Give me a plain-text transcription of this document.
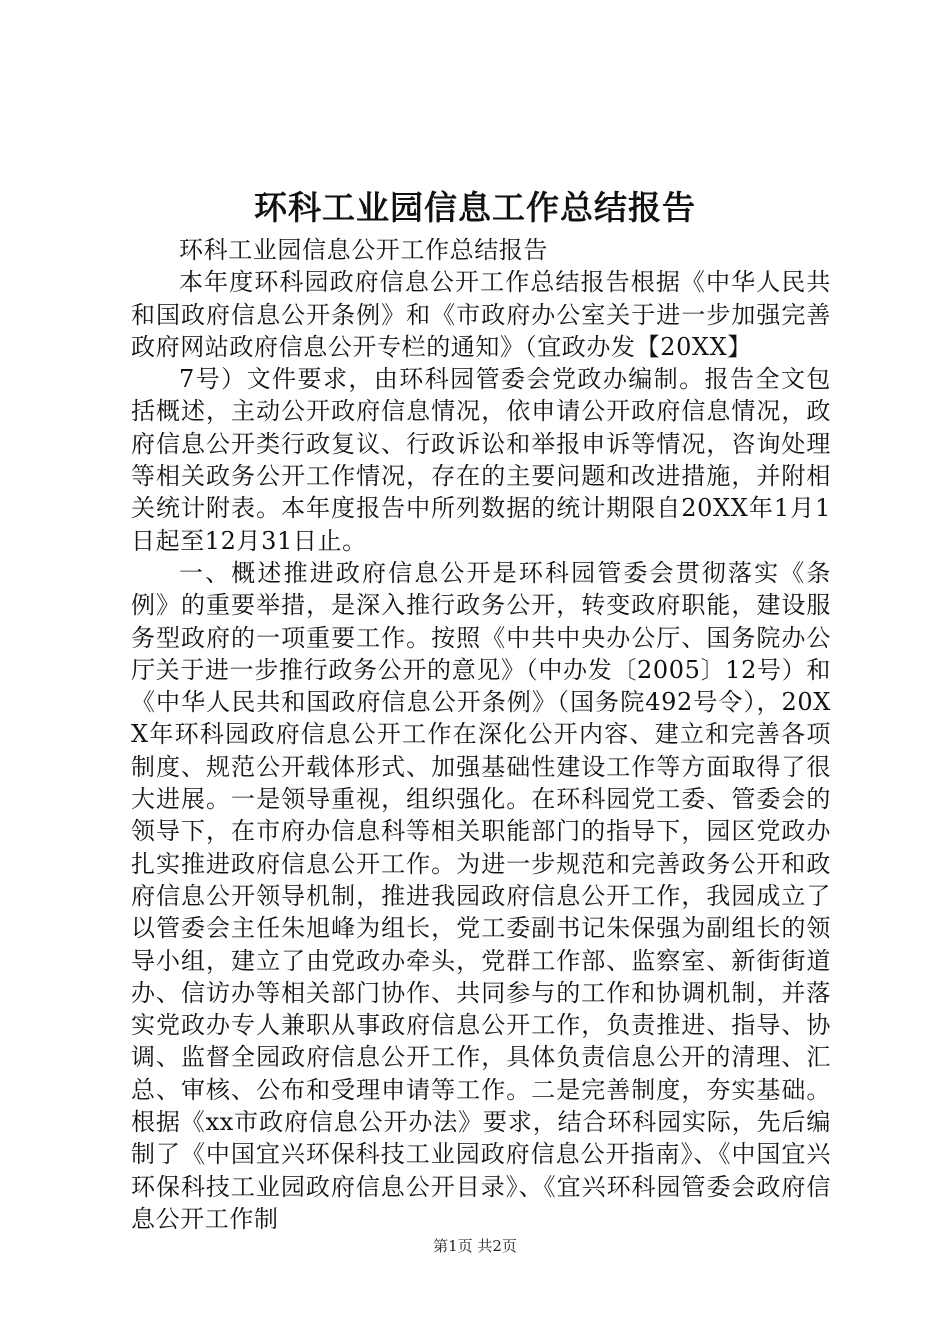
环科工业园信息工作总结报告

环科工业园信息公开工作总结报告

本年度环科园政府信息公开工作总结报告根据《中华人民共和国政府信息公开条例》和《市政府办公室关于进一步加强完善政府网站政府信息公开专栏的通知》（宜政办发【20XX】

7号）文件要求，由环科园管委会党政办编制。报告全文包括概述，主动公开政府信息情况，依申请公开政府信息情况，政府信息公开类行政复议、行政诉讼和举报申诉等情况，咨询处理等相关政务公开工作情况，存在的主要问题和改进措施，并附相关统计附表。本年度报告中所列数据的统计期限自20XX年1月1日起至12月31日止。

一、概述推进政府信息公开是环科园管委会贯彻落实《条例》的重要举措，是深入推行政务公开，转变政府职能，建设服务型政府的一项重要工作。按照《中共中央办公厅、国务院办公厅关于进一步推行政务公开的意见》（中办发〔2005〕12号）和《中华人民共和国政府信息公开条例》（国务院492号令），20XX年环科园政府信息公开工作在深化公开内容、建立和完善各项制度、规范公开载体形式、加强基础性建设工作等方面取得了很大进展。一是领导重视，组织强化。在环科园党工委、管委会的领导下，在市府办信息科等相关职能部门的指导下，园区党政办扎实推进政府信息公开工作。为进一步规范和完善政务公开和政府信息公开领导机制，推进我园政府信息公开工作，我园成立了以管委会主任朱旭峰为组长，党工委副书记朱保强为副组长的领导小组，建立了由党政办牵头，党群工作部、监察室、新街街道办、信访办等相关部门协作、共同参与的工作和协调机制，并落实党政办专人兼职从事政府信息公开工作，负责推进、指导、协调、监督全园政府信息公开工作，具体负责信息公开的清理、汇总、审核、公布和受理申请等工作。二是完善制度，夯实基础。根据《xx市政府信息公开办法》要求，结合环科园实际，先后编制了《中国宜兴环保科技工业园政府信息公开指南》、《中国宜兴环保科技工业园政府信息公开目录》、《宜兴环科园管委会政府信息公开工作制

第1页 共2页
